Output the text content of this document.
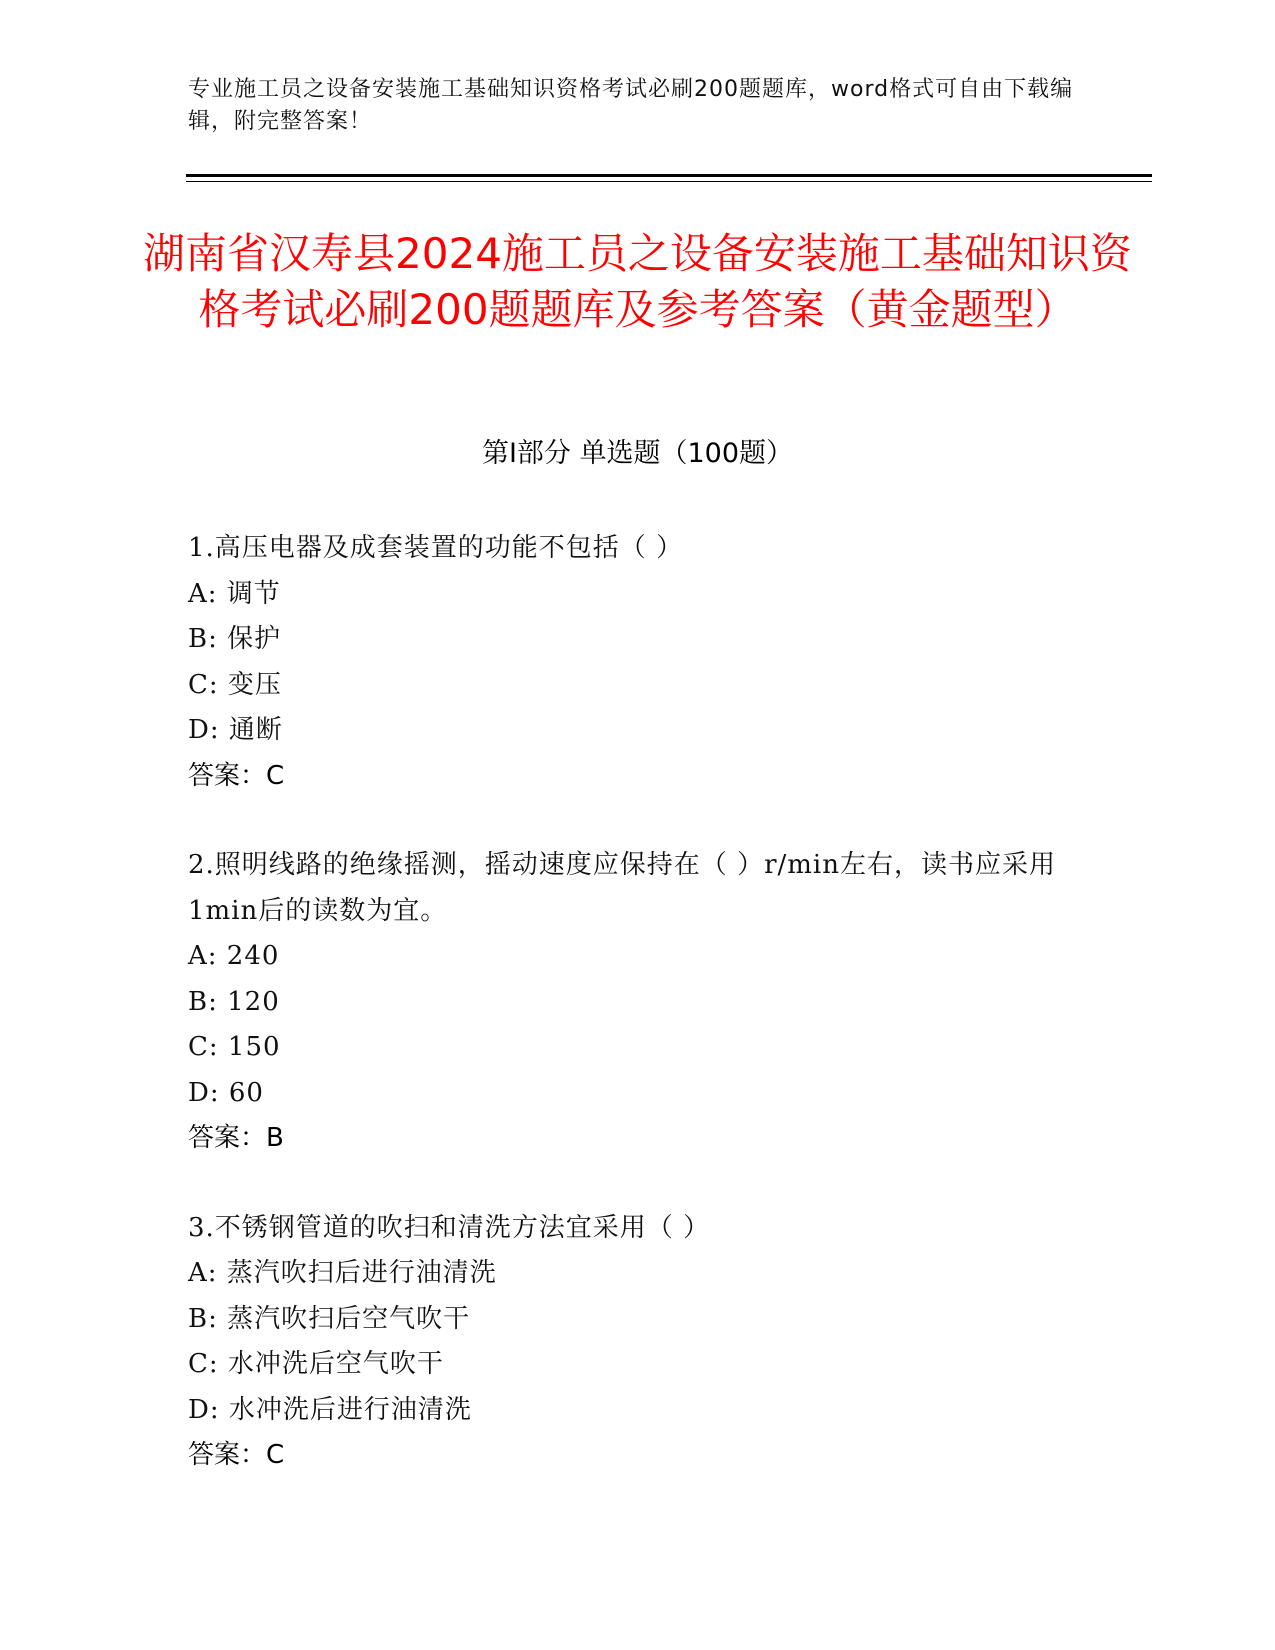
专业施工员之设备安装施工基础知识资格考试必刷200题题库，word格式可自由下载编辑，附完整答案！
湖南省汉寿县2024施工员之设备安装施工基础知识资格考试必刷200题题库及参考答案（黄金题型）
第Ⅰ部分 单选题（100题）
1.高压电器及成套装置的功能不包括（ ）
A: 调节
B: 保护
C: 变压
D: 通断
答案：C
2.照明线路的绝缘摇测，摇动速度应保持在（ ）r/min左右，读书应采用1min后的读数为宜。
A: 240
B: 120
C: 150
D: 60
答案：B
3.不锈钢管道的吹扫和清洗方法宜采用（ ）
A: 蒸汽吹扫后进行油清洗
B: 蒸汽吹扫后空气吹干
C: 水冲洗后空气吹干
D: 水冲洗后进行油清洗
答案：C
